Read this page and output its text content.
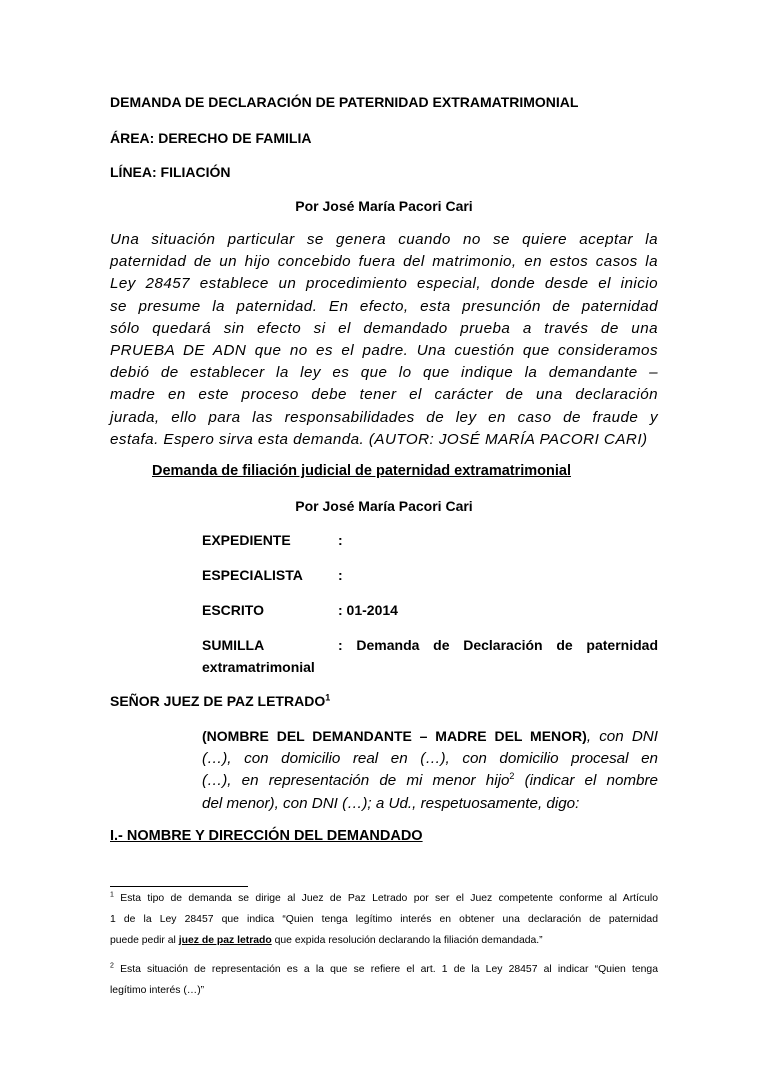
DEMANDA DE DECLARACIÓN DE PATERNIDAD EXTRAMATRIMONIAL
ÁREA: DERECHO DE FAMILIA
LÍNEA: FILIACIÓN
Por José María Pacori Cari
Una situación particular se genera cuando no se quiere aceptar la
paternidad de un hijo concebido fuera del matrimonio, en estos casos la
Ley 28457 establece un procedimiento especial, donde desde el inicio
se presume la paternidad. En efecto, esta presunción de paternidad
sólo quedará sin efecto si el demandado prueba a través de una
PRUEBA DE ADN que no es el padre. Una cuestión que consideramos
debió de establecer la ley es que lo que indique la demandante –
madre en este proceso debe tener el carácter de una declaración
jurada, ello para las responsabilidades de ley en caso de fraude y
estafa. Espero sirva esta demanda. (AUTOR: JOSÉ MARÍA PACORI CARI)
Demanda de filiación judicial de paternidad extramatrimonial
Por José María Pacori Cari
EXPEDIENTE	:
ESPECIALISTA	:
ESCRITO	: 01-2014
SUMILLA	: Demanda de Declaración de paternidad
extramatrimonial
SEÑOR JUEZ DE PAZ LETRADO$^1$
(NOMBRE DEL DEMANDANTE – MADRE DEL MENOR), con DNI
(…), con domicilio real en (…), con domicilio procesal en
(…), en representación de mi menor hijo$^2$ (indicar el nombre
del menor), con DNI (…); a Ud., respetuosamente, digo:
I.- NOMBRE Y DIRECCIÓN DEL DEMANDADO
$^1$ Esta tipo de demanda se dirige al Juez de Paz Letrado por ser el Juez competente conforme al Artículo
1 de la Ley 28457 que indica “Quien tenga legítimo interés en obtener una declaración de paternidad
puede pedir al juez de paz letrado que expida resolución declarando la filiación demandada.”
$^2$ Esta situación de representación es a la que se refiere el art. 1 de la Ley 28457 al indicar “Quien tenga
legítimo interés (…)”
